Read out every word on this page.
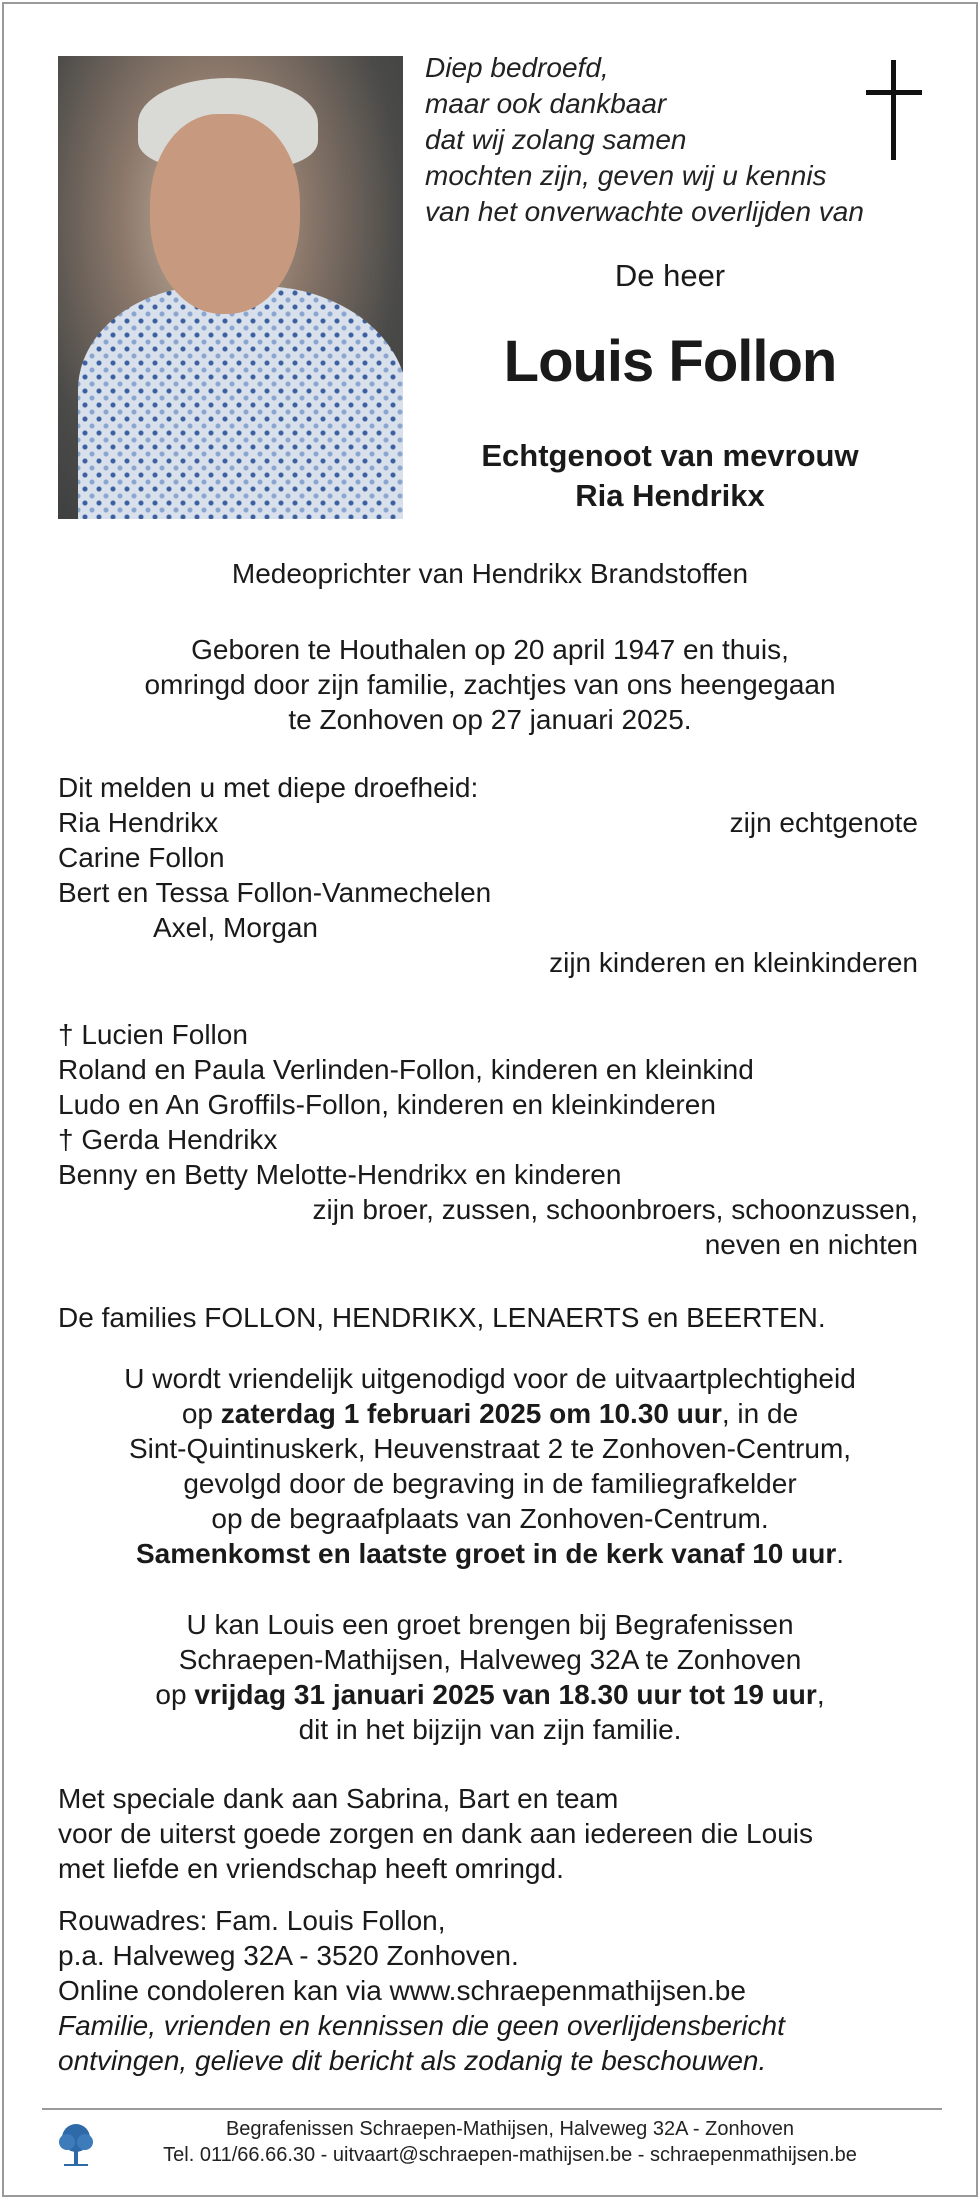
Diep bedroefd,
maar ook dankbaar
dat wij zolang samen
mochten zijn, geven wij u kennis
van het onverwachte overlijden van
De heer
Louis Follon
Echtgenoot van mevrouw
Ria Hendrikx
Medeoprichter van Hendrikx Brandstoffen
Geboren te Houthalen op 20 april 1947 en thuis,
omringd door zijn familie, zachtjes van ons heengegaan
te Zonhoven op 27 januari 2025.
Dit melden u met diepe droefheid:
Ria Hendrikx	zijn echtgenote
Carine Follon
Bert en Tessa Follon-Vanmechelen
Axel, Morgan
zijn kinderen en kleinkinderen
† Lucien Follon
Roland en Paula Verlinden-Follon, kinderen en kleinkind
Ludo en An Groffils-Follon, kinderen en kleinkinderen
† Gerda Hendrikx
Benny en Betty Melotte-Hendrikx en kinderen
zijn broer, zussen, schoonbroers, schoonzussen,
neven en nichten
De families FOLLON, HENDRIKX, LENAERTS en BEERTEN.
U wordt vriendelijk uitgenodigd voor de uitvaartplechtigheid
op zaterdag 1 februari 2025 om 10.30 uur, in de
Sint-Quintinuskerk, Heuvenstraat 2 te Zonhoven-Centrum,
gevolgd door de begraving in de familiegrafkelder
op de begraafplaats van Zonhoven-Centrum.
Samenkomst en laatste groet in de kerk vanaf 10 uur.
U kan Louis een groet brengen bij Begrafenissen
Schraepen-Mathijsen, Halveweg 32A te Zonhoven
op vrijdag 31 januari 2025 van 18.30 uur tot 19 uur,
dit in het bijzijn van zijn familie.
Met speciale dank aan Sabrina, Bart en team
voor de uiterst goede zorgen en dank aan iedereen die Louis
met liefde en vriendschap heeft omringd.
Rouwadres: Fam. Louis Follon,
p.a. Halveweg 32A - 3520 Zonhoven.
Online condoleren kan via www.schraepenmathijsen.be
Familie, vrienden en kennissen die geen overlijdensbericht
ontvingen, gelieve dit bericht als zodanig te beschouwen.
Begrafenissen Schraepen-Mathijsen, Halveweg 32A - Zonhoven
Tel. 011/66.66.30 - uitvaart@schraepen-mathijsen.be - schraepenmathijsen.be
